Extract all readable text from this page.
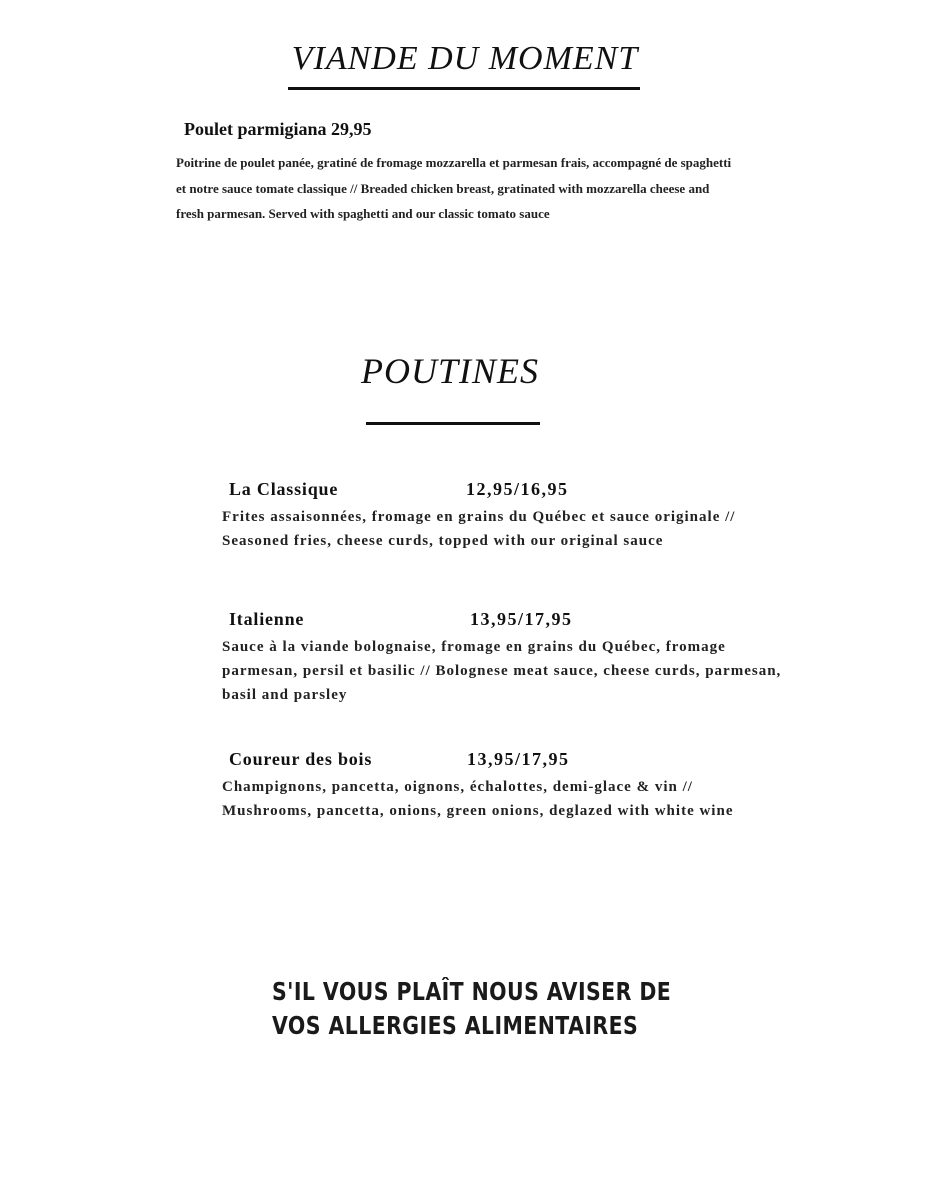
VIANDE DU MOMENT
Poulet parmigiana 29,95
Poitrine de poulet panée, gratiné de fromage mozzarella et parmesan frais, accompagné de spaghetti et notre sauce tomate classique // Breaded chicken breast, gratinated with mozzarella cheese and fresh parmesan. Served with spaghetti and our classic tomato sauce
POUTINES
La Classique	12,95/16,95
Frites assaisonnées, fromage en grains du Québec et sauce originale // Seasoned fries, cheese curds, topped with our original sauce
Italienne	13,95/17,95
Sauce à la viande bolognaise, fromage en grains du Québec, fromage parmesan, persil et basilic // Bolognese meat sauce, cheese curds, parmesan, basil and parsley
Coureur des bois	13,95/17,95
Champignons, pancetta, oignons, échalottes, demi-glace & vin // Mushrooms, pancetta, onions, green onions, deglazed with white wine
S'IL VOUS PLAÎT NOUS AVISER DE
VOS ALLERGIES ALIMENTAIRES
